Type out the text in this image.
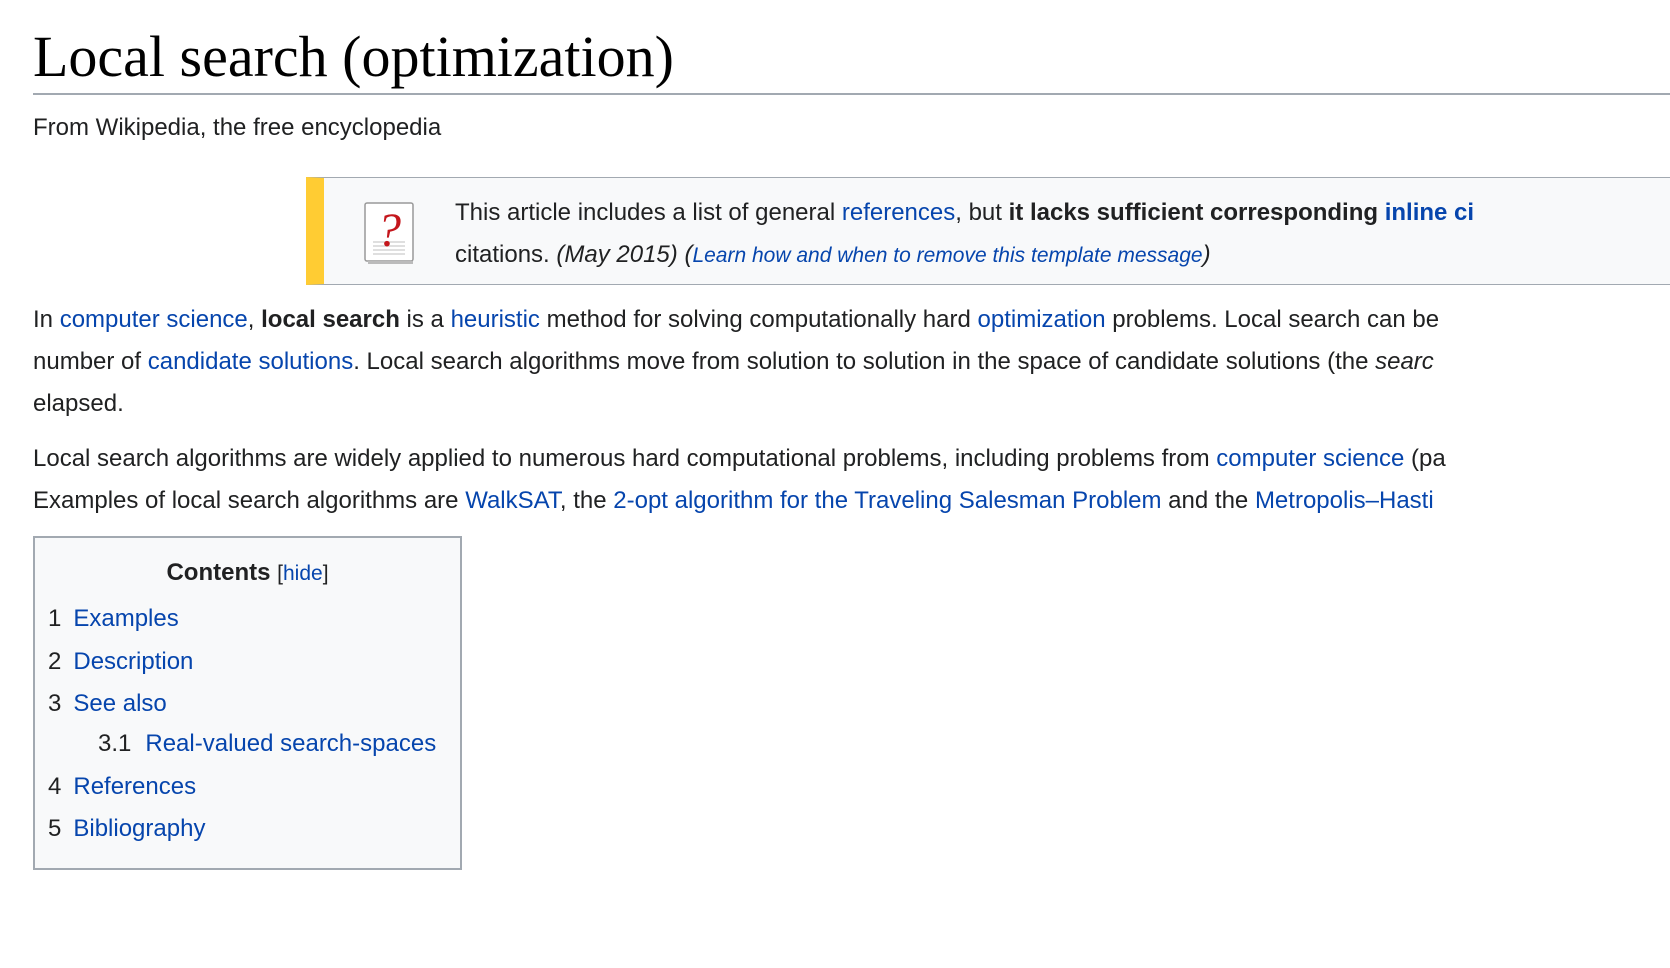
Local search (optimization)
From Wikipedia, the free encyclopedia
? This article includes a list of general references, but it lacks sufficient corresponding inline ci
citations. (May 2015) (Learn how and when to remove this template message)
In computer science, local search is a heuristic method for solving computationally hard optimization problems. Local search can be
number of candidate solutions. Local search algorithms move from solution to solution in the space of candidate solutions (the searc
elapsed.
Local search algorithms are widely applied to numerous hard computational problems, including problems from computer science (pa
Examples of local search algorithms are WalkSAT, the 2-opt algorithm for the Traveling Salesman Problem and the Metropolis–Hasti
Contents [hide]
1 Examples
2 Description
3 See also
3.1 Real-valued search-spaces
4 References
5 Bibliography
